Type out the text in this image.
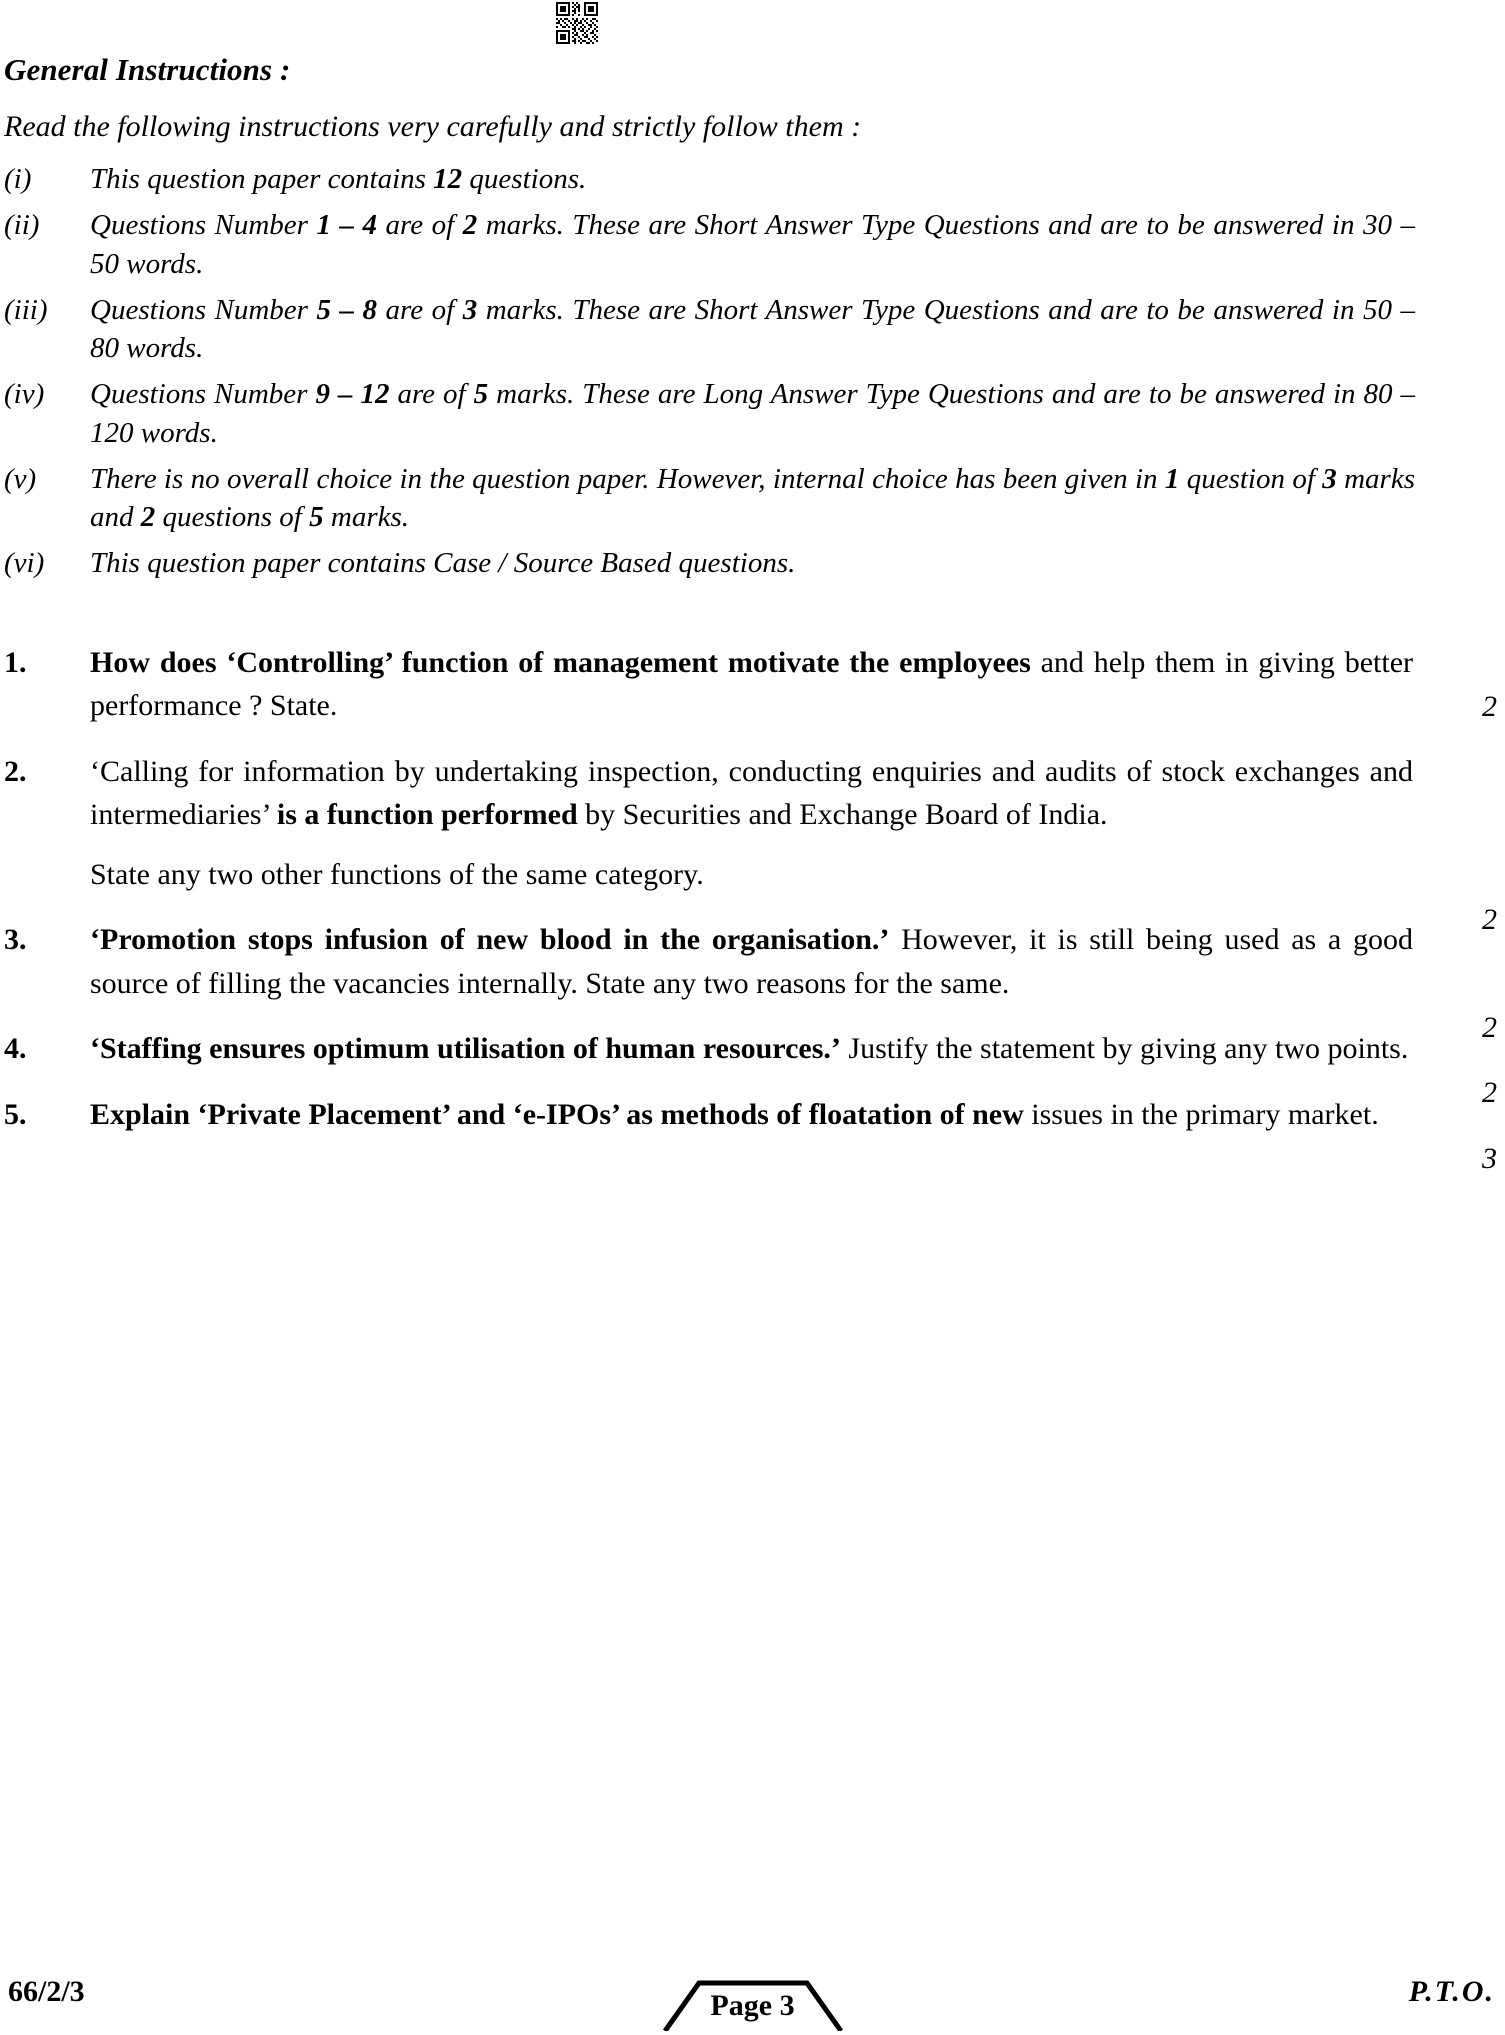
General Instructions :
Read the following instructions very carefully and strictly follow them :
(i)	This question paper contains 12 questions.
(ii)	Questions Number 1 – 4 are of 2 marks. These are Short Answer Type Questions and are to be answered in 30 – 50 words.
(iii)	Questions Number 5 – 8 are of 3 marks. These are Short Answer Type Questions and are to be answered in 50 – 80 words.
(iv)	Questions Number 9 – 12 are of 5 marks. These are Long Answer Type Questions and are to be answered in 80 – 120 words.
(v)	There is no overall choice in the question paper. However, internal choice has been given in 1 question of 3 marks and 2 questions of 5 marks.
(vi)	This question paper contains Case / Source Based questions.
1.	How does ‘Controlling’ function of management motivate the employees and help them in giving better performance ? State.	2
2.	‘Calling for information by undertaking inspection, conducting enquiries and audits of stock exchanges and intermediaries’ is a function performed by Securities and Exchange Board of India.

State any two other functions of the same category.

2
3.	‘Promotion stops infusion of new blood in the organisation.’ However, it is still being used as a good source of filling the vacancies internally. State any two reasons for the same.

2
4.	‘Staffing ensures optimum utilisation of human resources.’ Justify the statement by giving any two points.

2
5.	Explain ‘Private Placement’ and ‘e-IPOs’ as methods of floatation of new issues in the primary market.

3
66/2/3	Page 3	P.T.O.
